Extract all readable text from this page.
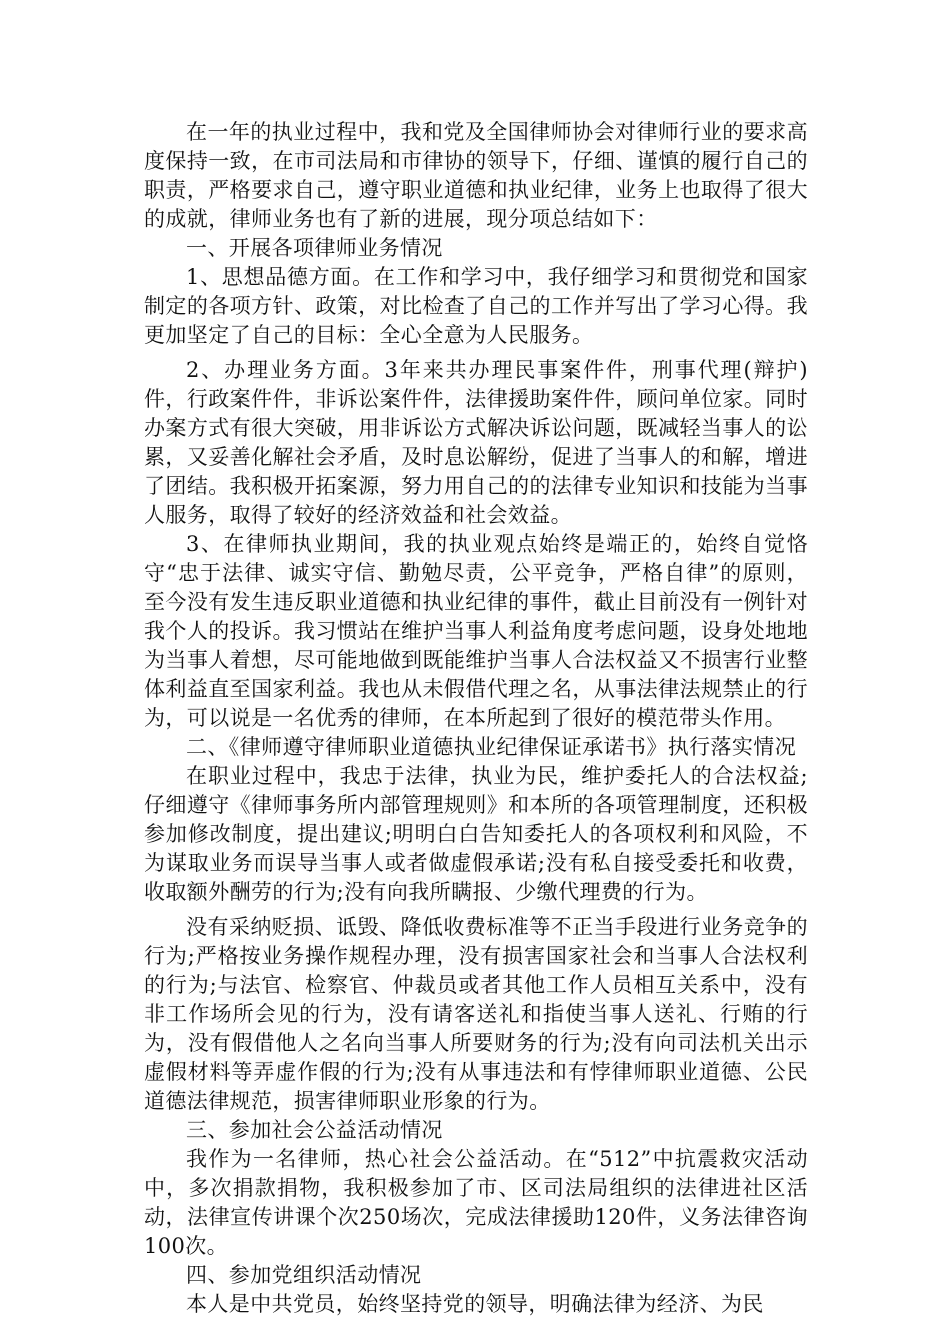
在一年的执业过程中，我和党及全国律师协会对律师行业的要求高度保持一致，在市司法局和市律协的领导下，仔细、谨慎的履行自己的职责，严格要求自己，遵守职业道德和执业纪律，业务上也取得了很大的成就，律师业务也有了新的进展，现分项总结如下：

一、开展各项律师业务情况

1、思想品德方面。在工作和学习中，我仔细学习和贯彻党和国家制定的各项方针、政策，对比检查了自己的工作并写出了学习心得。我更加坚定了自己的目标：全心全意为人民服务。

2、办理业务方面。3年来共办理民事案件件，刑事代理(辩护)件，行政案件件，非诉讼案件件，法律援助案件件，顾问单位家。同时办案方式有很大突破，用非诉讼方式解决诉讼问题，既减轻当事人的讼累，又妥善化解社会矛盾，及时息讼解纷，促进了当事人的和解，增进了团结。我积极开拓案源，努力用自己的的法律专业知识和技能为当事人服务，取得了较好的经济效益和社会效益。

3、在律师执业期间，我的执业观点始终是端正的，始终自觉恪守“忠于法律、诚实守信、勤勉尽责，公平竞争，严格自律”的原则，至今没有发生违反职业道德和执业纪律的事件，截止目前没有一例针对我个人的投诉。我习惯站在维护当事人利益角度考虑问题，设身处地地为当事人着想，尽可能地做到既能维护当事人合法权益又不损害行业整体利益直至国家利益。我也从未假借代理之名，从事法律法规禁止的行为，可以说是一名优秀的律师，在本所起到了很好的模范带头作用。

二、《律师遵守律师职业道德执业纪律保证承诺书》执行落实情况

在职业过程中，我忠于法律，执业为民，维护委托人的合法权益;仔细遵守《律师事务所内部管理规则》和本所的各项管理制度，还积极参加修改制度，提出建议;明明白白告知委托人的各项权利和风险，不为谋取业务而误导当事人或者做虚假承诺;没有私自接受委托和收费，收取额外酬劳的行为;没有向我所瞒报、少缴代理费的行为。

没有采纳贬损、诋毁、降低收费标准等不正当手段进行业务竞争的行为;严格按业务操作规程办理，没有损害国家社会和当事人合法权利的行为;与法官、检察官、仲裁员或者其他工作人员相互关系中，没有非工作场所会见的行为，没有请客送礼和指使当事人送礼、行贿的行为，没有假借他人之名向当事人所要财务的行为;没有向司法机关出示虚假材料等弄虚作假的行为;没有从事违法和有悖律师职业道德、公民道德法律规范，损害律师职业形象的行为。

三、参加社会公益活动情况

我作为一名律师，热心社会公益活动。在“512”中抗震救灾活动中，多次捐款捐物，我积极参加了市、区司法局组织的法律进社区活动，法律宣传讲课个次250场次，完成法律援助120件，义务法律咨询100次。

四、参加党组织活动情况

本人是中共党员，始终坚持党的领导，明确法律为经济、为民
